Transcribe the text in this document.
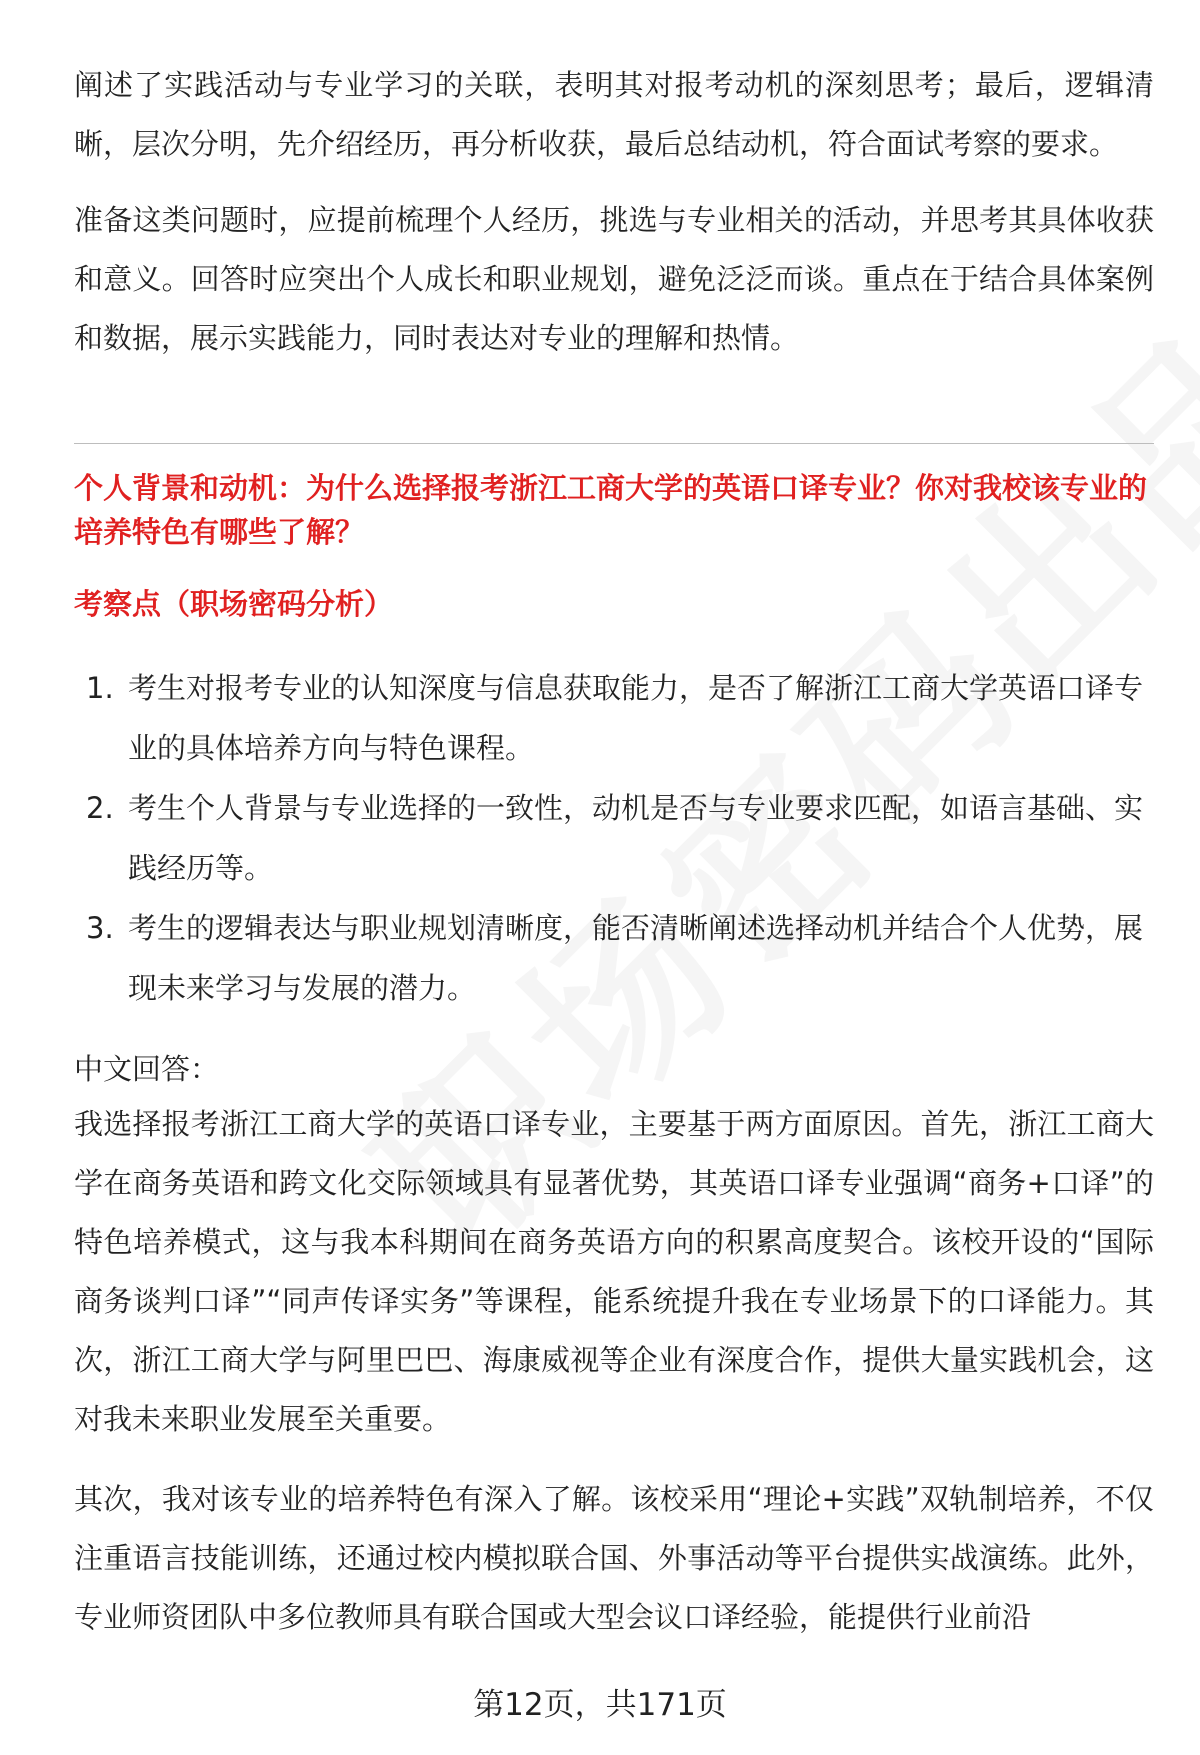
阐述了实践活动与专业学习的关联，表明其对报考动机的深刻思考；最后，逻辑清晰，层次分明，先介绍经历，再分析收获，最后总结动机，符合面试考察的要求。

准备这类问题时，应提前梳理个人经历，挑选与专业相关的活动，并思考其具体收获和意义。回答时应突出个人成长和职业规划，避免泛泛而谈。重点在于结合具体案例和数据，展示实践能力，同时表达对专业的理解和热情。

个人背景和动机：为什么选择报考浙江工商大学的英语口译专业？你对我校该专业的培养特色有哪些了解？

考察点（职场密码分析）

1. 考生对报考专业的认知深度与信息获取能力，是否了解浙江工商大学英语口译专业的具体培养方向与特色课程。
2. 考生个人背景与专业选择的一致性，动机是否与专业要求匹配，如语言基础、实践经历等。
3. 考生的逻辑表达与职业规划清晰度，能否清晰阐述选择动机并结合个人优势，展现未来学习与发展的潜力。

中文回答：

我选择报考浙江工商大学的英语口译专业，主要基于两方面原因。首先，浙江工商大学在商务英语和跨文化交际领域具有显著优势，其英语口译专业强调“商务+口译”的特色培养模式，这与我本科期间在商务英语方向的积累高度契合。该校开设的“国际商务谈判口译”“同声传译实务”等课程，能系统提升我在专业场景下的口译能力。其次，浙江工商大学与阿里巴巴、海康威视等企业有深度合作，提供大量实践机会，这对我未来职业发展至关重要。

其次，我对该专业的培养特色有深入了解。该校采用“理论+实践”双轨制培养，不仅注重语言技能训练，还通过校内模拟联合国、外事活动等平台提供实战演练。此外，专业师资团队中多位教师具有联合国或大型会议口译经验，能提供行业前沿

第12页，共171页
